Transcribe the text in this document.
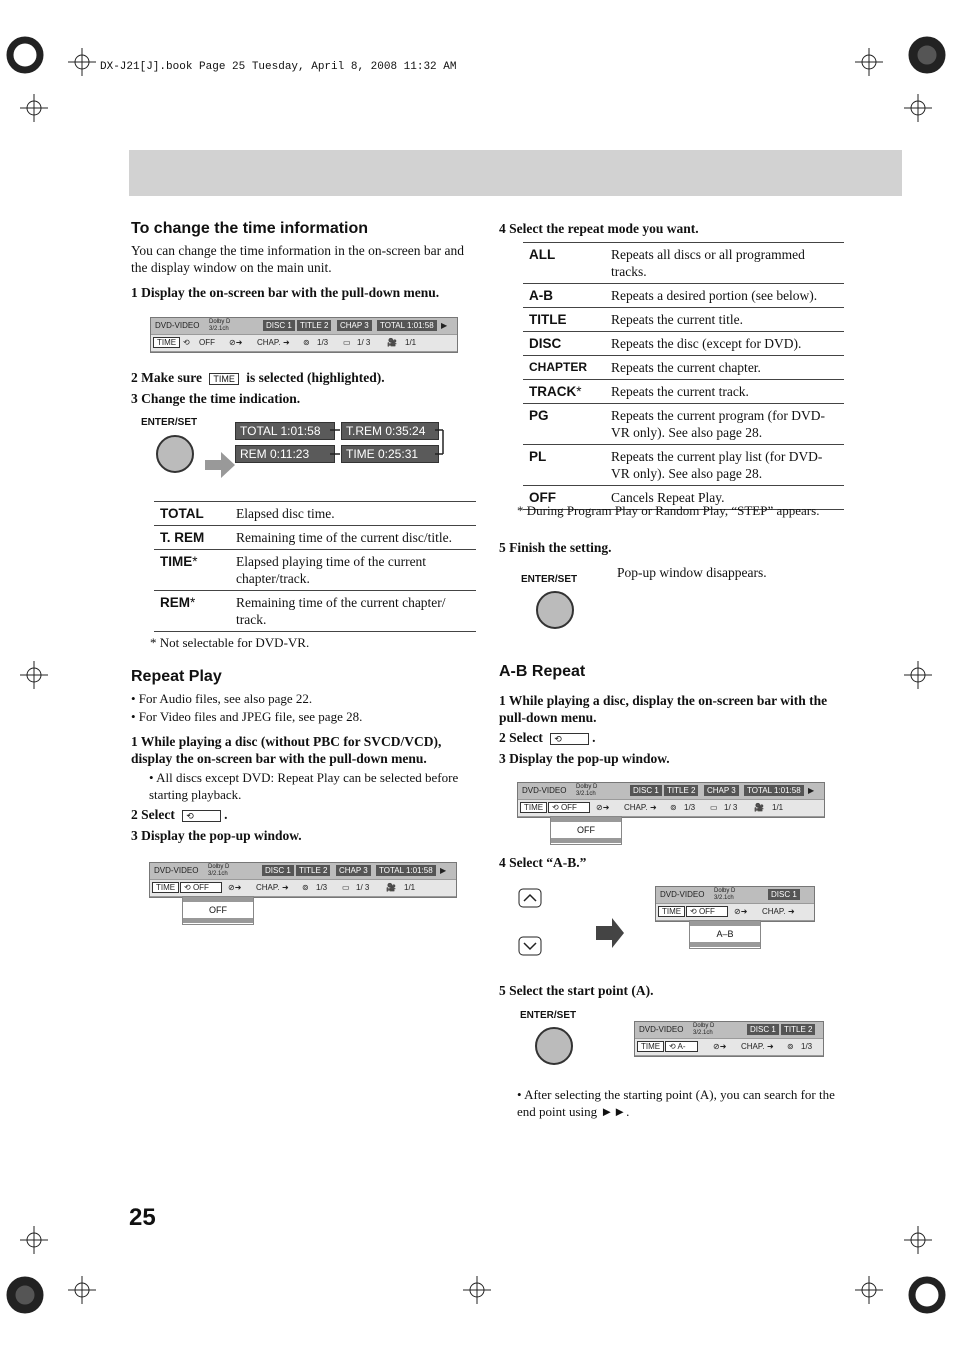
DX-J21[J].book Page 25 Tuesday, April 8, 2008 11:32 AM
To change the time information

You can change the time information in the on-screen bar and the display window on the main unit.

1 Display the on-screen bar with the pull-down menu.

DVD-VIDEO Dolby D
3/2.1ch	DISC 1	TITLE 2	CHAP 3	TOTAL 1:01:58 ▶
TIME ⟲ OFF ⊘➜ CHAP. ➜ ⊚ 1/3 ▭ 1/ 3 🎥 1/1

2 Make sure TIME is selected (highlighted).

3 Change the time indication.

ENTER/SET
TOTAL 1:01:58	T.REM 0:35:24
REM 0:11:23	TIME 0:25:31
TOTAL	Elapsed disc time.
T. REM	Remaining time of the current disc/title.
TIME*	Elapsed playing time of the current chapter/track.
REM*	Remaining time of the current chapter/ track.

* Not selectable for DVD-VR.

Repeat Play

• For Audio files, see also page 22.

• For Video files and JPEG file, see page 28.

1 While playing a disc (without PBC for SVCD/VCD), display the on-screen bar with the pull-down menu.

• All discs except DVD: Repeat Play can be selected before starting playback.

2 Select ⟲ .

3 Display the pop-up window.

DVD-VIDEO Dolby D
3/2.1ch	DISC 1	TITLE 2	CHAP 3	TOTAL 1:01:58 ▶
TIME	⟲ OFF	⊘➜ CHAP. ➜ ⊚ 1/3 ▭ 1/ 3 🎥 1/1
OFF

4 Select the repeat mode you want.

ALL	Repeats all discs or all programmed tracks.
A-B	Repeats a desired portion (see below).
TITLE	Repeats the current title.
DISC	Repeats the disc (except for DVD).
CHAPTER	Repeats the current chapter.
TRACK*	Repeats the current track.
PG	Repeats the current program (for DVD-VR only). See also page 28.
PL	Repeats the current play list (for DVD-VR only). See also page 28.
OFF	Cancels Repeat Play.

* During Program Play or Random Play, “STEP” appears.

5 Finish the setting.

ENTER/SET	Pop-up window disappears.

A-B Repeat

1 While playing a disc, display the on-screen bar with the pull-down menu.

2 Select ⟲ .

3 Display the pop-up window.

DVD-VIDEO Dolby D
3/2.1ch	DISC 1	TITLE 2	CHAP 3	TOTAL 1:01:58 ▶
TIME	⟲ OFF	⊘➜ CHAP. ➜ ⊚ 1/3 ▭ 1/ 3 🎥 1/1
OFF

4 Select “A-B.”

DVD-VIDEO Dolby D
3/2.1ch	DISC 1
TIME	⟲ OFF	⊘➜ CHAP. ➜
A–B

5 Select the start point (A).

ENTER/SET
DVD-VIDEO Dolby D
3/2.1ch	DISC 1	TITLE 2
TIME	⟲ A-	⊘➜ CHAP. ➜ ⊚ 1/3

• After selecting the starting point (A), you can search for the end point using ►►.

25
